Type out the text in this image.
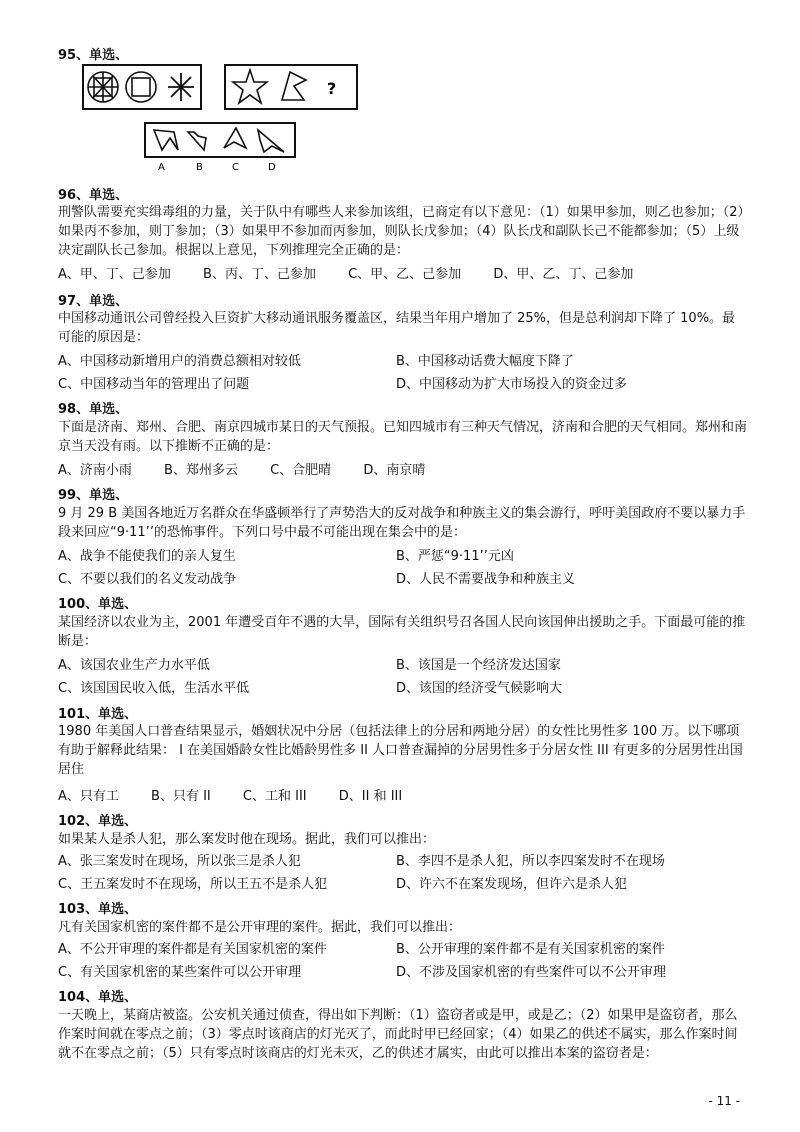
95、单选、
?
A	B	C	D
96、单选、
刑警队需要充实缉毒组的力量，关于队中有哪些人来参加该组，已商定有以下意见：（1）如果甲参加，则乙也参加；（2）如果丙不参加，则丁参加；（3）如果甲不参加而丙参加，则队长戊参加；（4）队长戊和副队长己不能都参加；（5）上级决定副队长己参加。根据以上意见，下列推理完全正确的是：
A、甲、丁、己参加 B、丙、丁、己参加 C、甲、乙、己参加 D、甲、乙、丁、己参加
97、单选、
中国移动通讯公司曾经投入巨资扩大移动通讯服务覆盖区，结果当年用户增加了 25%，但是总利润却下降了 10%。最可能的原因是：
A、中国移动新增用户的消费总额相对较低	B、中国移动话费大幅度下降了
C、中国移动当年的管理出了问题	D、中国移动为扩大市场投入的资金过多
98、单选、
下面是济南、郑州、合肥、南京四城市某日的天气预报。已知四城市有三种天气情况，济南和合肥的天气相同。郑州和南京当天没有雨。以下推断不正确的是：
A、济南小雨 B、郑州多云 C、合肥晴 D、南京晴
99、单选、
9 月 29 B 美国各地近万名群众在华盛顿举行了声势浩大的反对战争和种族主义的集会游行，呼吁美国政府不要以暴力手段来回应“9·11’’的恐怖事件。下列口号中最不可能出现在集会中的是：
A、战争不能使我们的亲人复生	B、严惩“9·11’’元凶
C、不要以我们的名义发动战争	D、人民不需要战争和种族主义
100、单选、
某国经济以农业为主，2001 年遭受百年不遇的大旱，国际有关组织号召各国人民向该国伸出援助之手。下面最可能的推断是：
A、该国农业生产力水平低	B、该国是一个经济发达国家
C、该国国民收入低，生活水平低	D、该国的经济受气候影响大
101、单选、
1980 年美国人口普查结果显示，婚姻状况中分居（包括法律上的分居和两地分居）的女性比男性多 100 万。以下哪项有助于解释此结果： I 在美国婚龄女性比婚龄男性多 II 人口普查漏掉的分居男性多于分居女性 III 有更多的分居男性出国居住
A、只有工 B、只有 II C、工和 III D、II 和 III
102、单选、
如果某人是杀人犯，那么案发时他在现场。据此，我们可以推出：
A、张三案发时在现场，所以张三是杀人犯	B、李四不是杀人犯，所以李四案发时不在现场
C、王五案发时不在现场，所以王五不是杀人犯	D、许六不在案发现场，但许六是杀人犯
103、单选、
凡有关国家机密的案件都不是公开审理的案件。据此，我们可以推出：
A、不公开审理的案件都是有关国家机密的案件	B、公开审理的案件都不是有关国家机密的案件
C、有关国家机密的某些案件可以公开审理	D、不涉及国家机密的有些案件可以不公开审理
104、单选、
一天晚上，某商店被盗。公安机关通过侦查，得出如下判断：（1）盗窃者或是甲，或是乙；（2）如果甲是盗窃者，那么作案时间就在零点之前；（3）零点时该商店的灯光灭了，而此时甲已经回家；（4）如果乙的供述不属实，那么作案时间就不在零点之前；（5）只有零点时该商店的灯光未灭，乙的供述才属实，由此可以推出本案的盗窃者是：
- 11 -
